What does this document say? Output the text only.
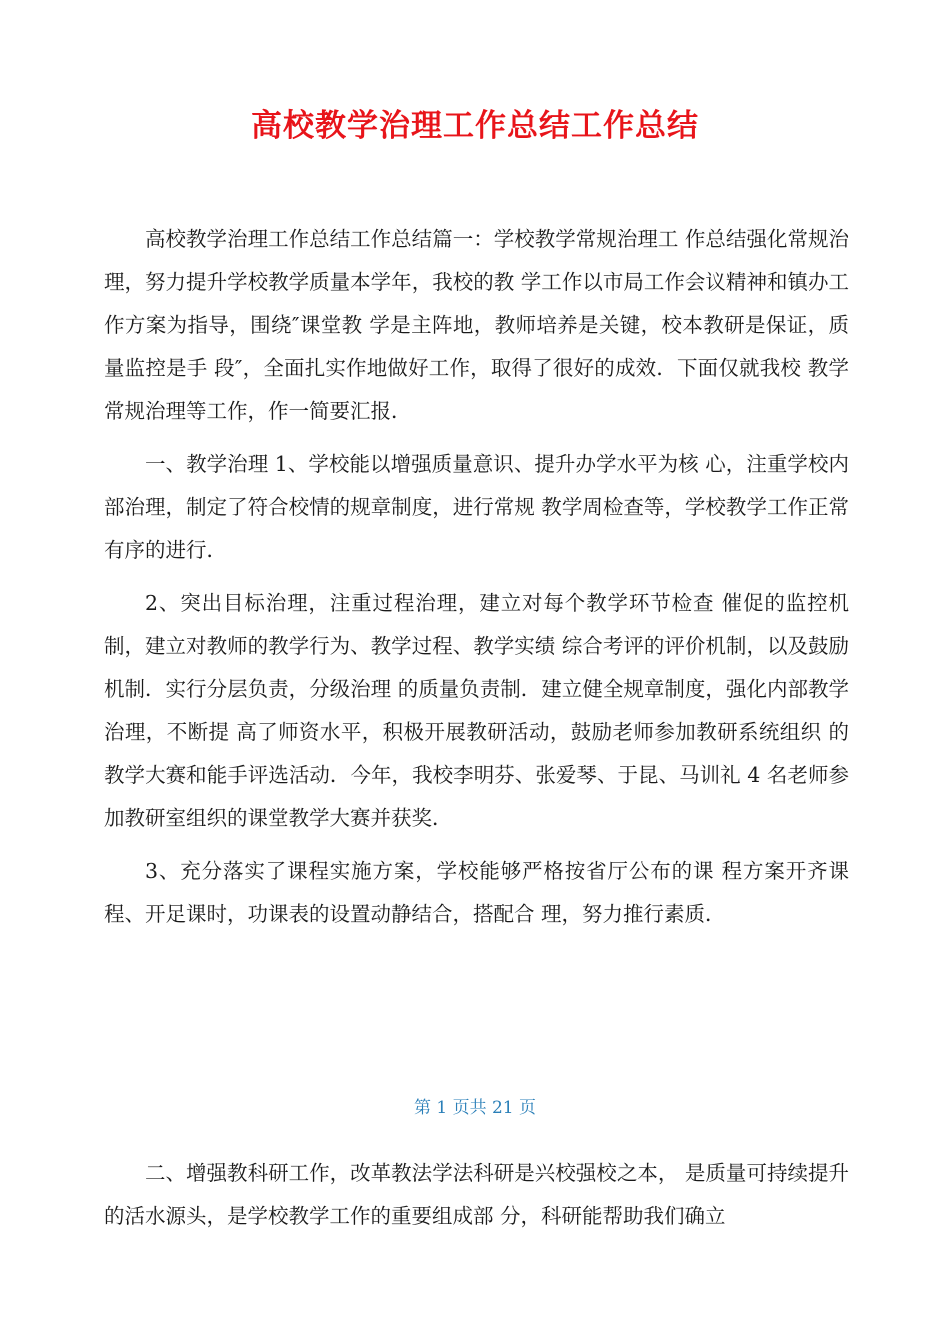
高校教学治理工作总结工作总结

高校教学治理工作总结工作总结篇一：学校教学常规治理工 作总结强化常规治理，努力提升学校教学质量本学年，我校的教 学工作以市局工作会议精神和镇办工作方案为指导，围绕″课堂教 学是主阵地，教师培养是关键，校本教研是保证，质量监控是手 段″，全面扎实作地做好工作，取得了很好的成效．下面仅就我校 教学常规治理等工作，作一简要汇报．

一、教学治理 1、学校能以增强质量意识、提升办学水平为核 心，注重学校内部治理，制定了符合校情的规章制度，进行常规 教学周检查等，学校教学工作正常有序的进行．

2、突出目标治理，注重过程治理，建立对每个教学环节检查 催促的监控机制，建立对教师的教学行为、教学过程、教学实绩 综合考评的评价机制，以及鼓励机制．实行分层负责，分级治理 的质量负责制．建立健全规章制度，强化内部教学治理，不断提 高了师资水平，积极开展教研活动，鼓励老师参加教研系统组织 的教学大赛和能手评选活动．今年，我校李明芬、张爱琴、于昆、马训礼 4 名老师参加教研室组织的课堂教学大赛并获奖．

3、充分落实了课程实施方案，学校能够严格按省厅公布的课 程方案开齐课程、开足课时，功课表的设置动静结合，搭配合 理，努力推行素质．

第 1 页共 21 页

二、增强教科研工作，改革教法学法科研是兴校强校之本， 是质量可持续提升的活水源头，是学校教学工作的重要组成部 分，科研能帮助我们确立
